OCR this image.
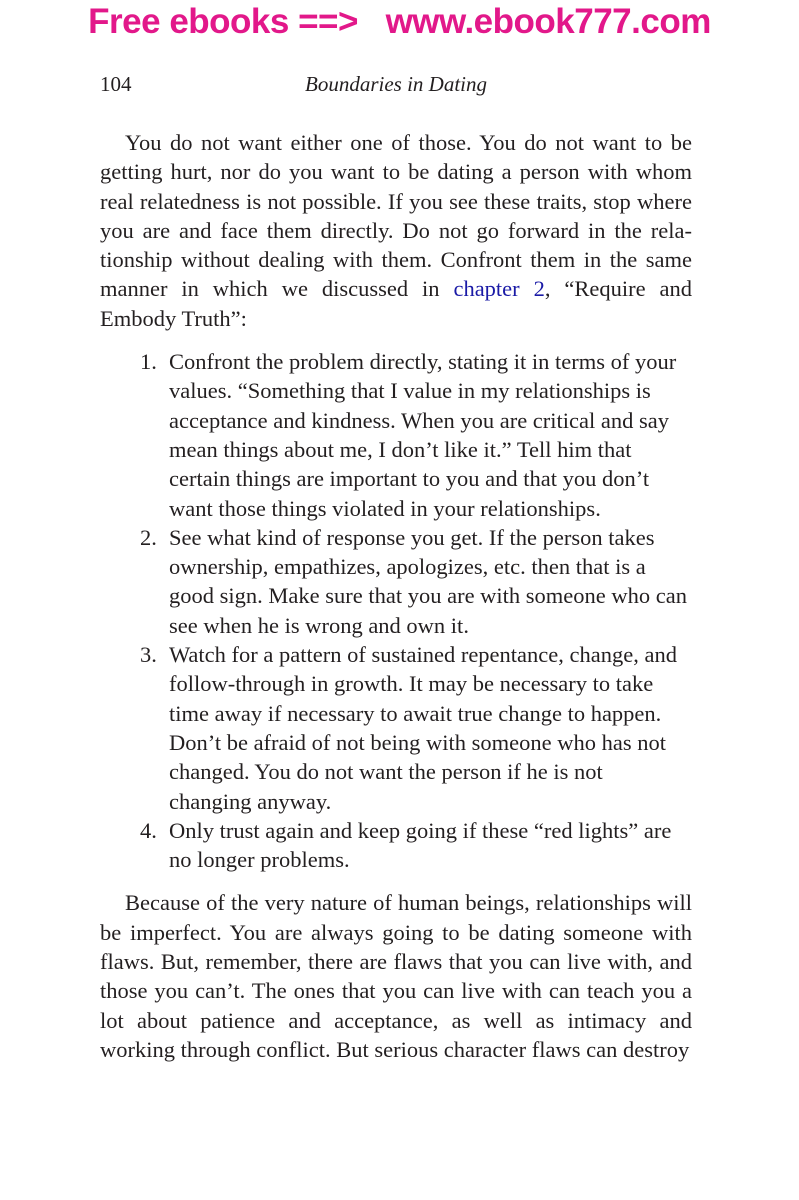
Free ebooks ==>   www.ebook777.com
104	Boundaries in Dating

You do not want either one of those. You do not want to be getting hurt, nor do you want to be dating a person with whom real relatedness is not possible. If you see these traits, stop where you are and face them directly. Do not go forward in the relationship without dealing with them. Confront them in the same manner in which we discussed in chapter 2, “Require and Embody Truth”:

1. Confront the problem directly, stating it in terms of your values. “Something that I value in my relationships is acceptance and kindness. When you are critical and say mean things about me, I don’t like it.” Tell him that certain things are important to you and that you don’t want those things violated in your relationships.
2. See what kind of response you get. If the person takes ownership, empathizes, apologizes, etc. then that is a good sign. Make sure that you are with someone who can see when he is wrong and own it.
3. Watch for a pattern of sustained repentance, change, and follow-through in growth. It may be necessary to take time away if necessary to await true change to happen. Don’t be afraid of not being with someone who has not changed. You do not want the person if he is not changing anyway.
4. Only trust again and keep going if these “red lights” are no longer problems.

Because of the very nature of human beings, relationships will be imperfect. You are always going to be dating someone with flaws. But, remember, there are flaws that you can live with, and those you can’t. The ones that you can live with can teach you a lot about patience and acceptance, as well as intimacy and working through conflict. But serious character flaws can destroy
